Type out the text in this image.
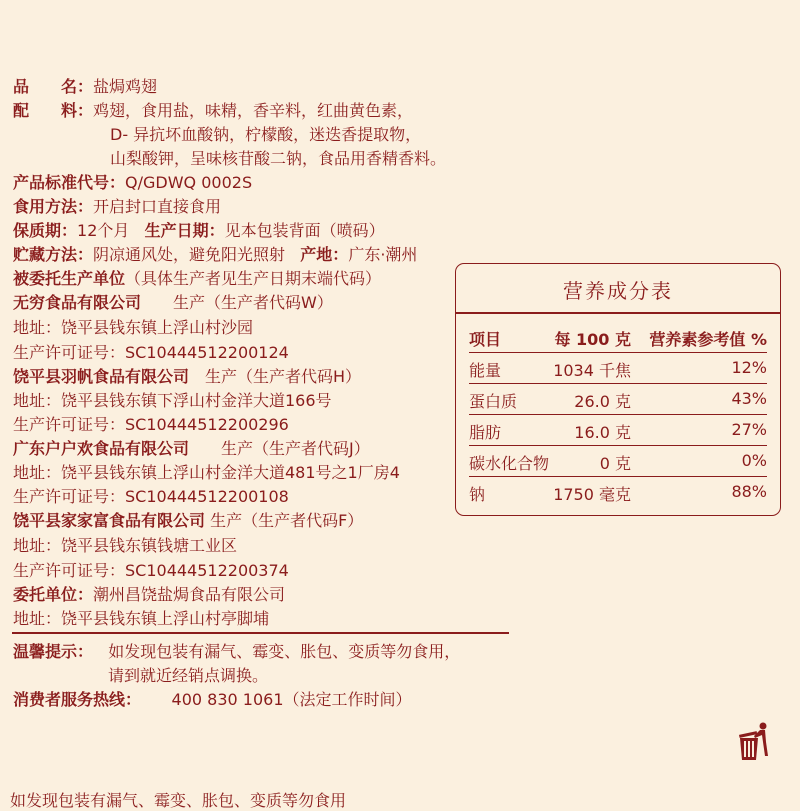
品　　名：盐焗鸡翅
配　　料：鸡翅，食用盐，味精，香辛料，红曲黄色素，
D- 异抗坏血酸钠，柠檬酸，迷迭香提取物，
山梨酸钾，呈味核苷酸二钠，食品用香精香料。
产品标准代号：Q/GDWQ 0002S
食用方法：开启封口直接食用
保质期：12个月 生产日期：见本包装背面（喷码）
贮藏方法：阴凉通风处，避免阳光照射 产地：广东·潮州
被委托生产单位（具体生产者见生产日期末端代码）
无穷食品有限公司　　生产（生产者代码W）
地址：饶平县钱东镇上浮山村沙园
生产许可证号：SC10444512200124
饶平县羽帆食品有限公司　生产（生产者代码H）
地址：饶平县钱东镇下浮山村金洋大道166号
生产许可证号：SC10444512200296
广东户户欢食品有限公司　　生产（生产者代码J）
地址：饶平县钱东镇上浮山村金洋大道481号之1厂房4
生产许可证号：SC10444512200108
饶平县家家富食品有限公司 生产（生产者代码F）
地址：饶平县钱东镇钱塘工业区
生产许可证号：SC10444512200374
委托单位：潮州昌饶盐焗食品有限公司
地址：饶平县钱东镇上浮山村亭脚埔
温馨提示： 如发现包装有漏气、霉变、胀包、变质等勿食用，
请到就近经销点调换。
消费者服务热线： 400 830 1061（法定工作时间）
营养成分表
项目	每 100 克 营养素参考值 %
能量	1034 千焦	12%
蛋白质	26.0 克	43%
脂肪	16.0 克	27%
碳水化合物	0 克	0%
钠	1750 毫克	88%
如发现包装有漏气、霉变、胀包、变质等勿食用
